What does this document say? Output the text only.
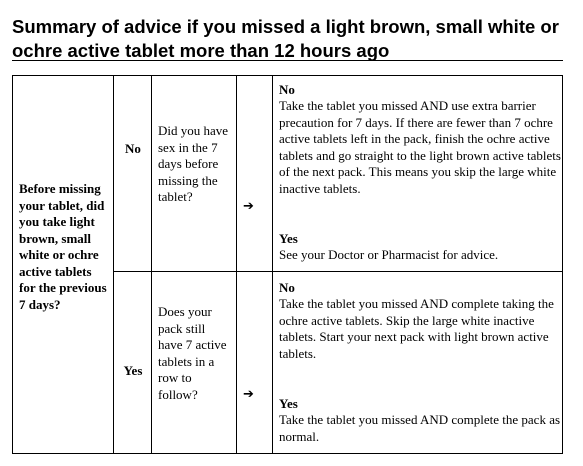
Summary of advice if you missed a light brown, small white or ochre active tablet more than 12 hours ago
Before missing your tablet, did you take light brown, small white or ochre active tablets for the previous 7 days?
No
Did you have sex in the 7 days before missing the tablet?
➔
No
Take the tablet you missed AND use extra barrier precaution for 7 days. If there are fewer than 7 ochre active tablets left in the pack, finish the ochre active tablets and go straight to the light brown active tablets of the next pack. This means you skip the large white inactive tablets.
Yes
See your Doctor or Pharmacist for advice.
Yes
Does your pack still have 7 active tablets in a row to follow?	➔
No
Take the tablet you missed AND complete taking the ochre active tablets. Skip the large white inactive tablets. Start your next pack with light brown active tablets.
Yes
Take the tablet you missed AND complete the pack as normal.
